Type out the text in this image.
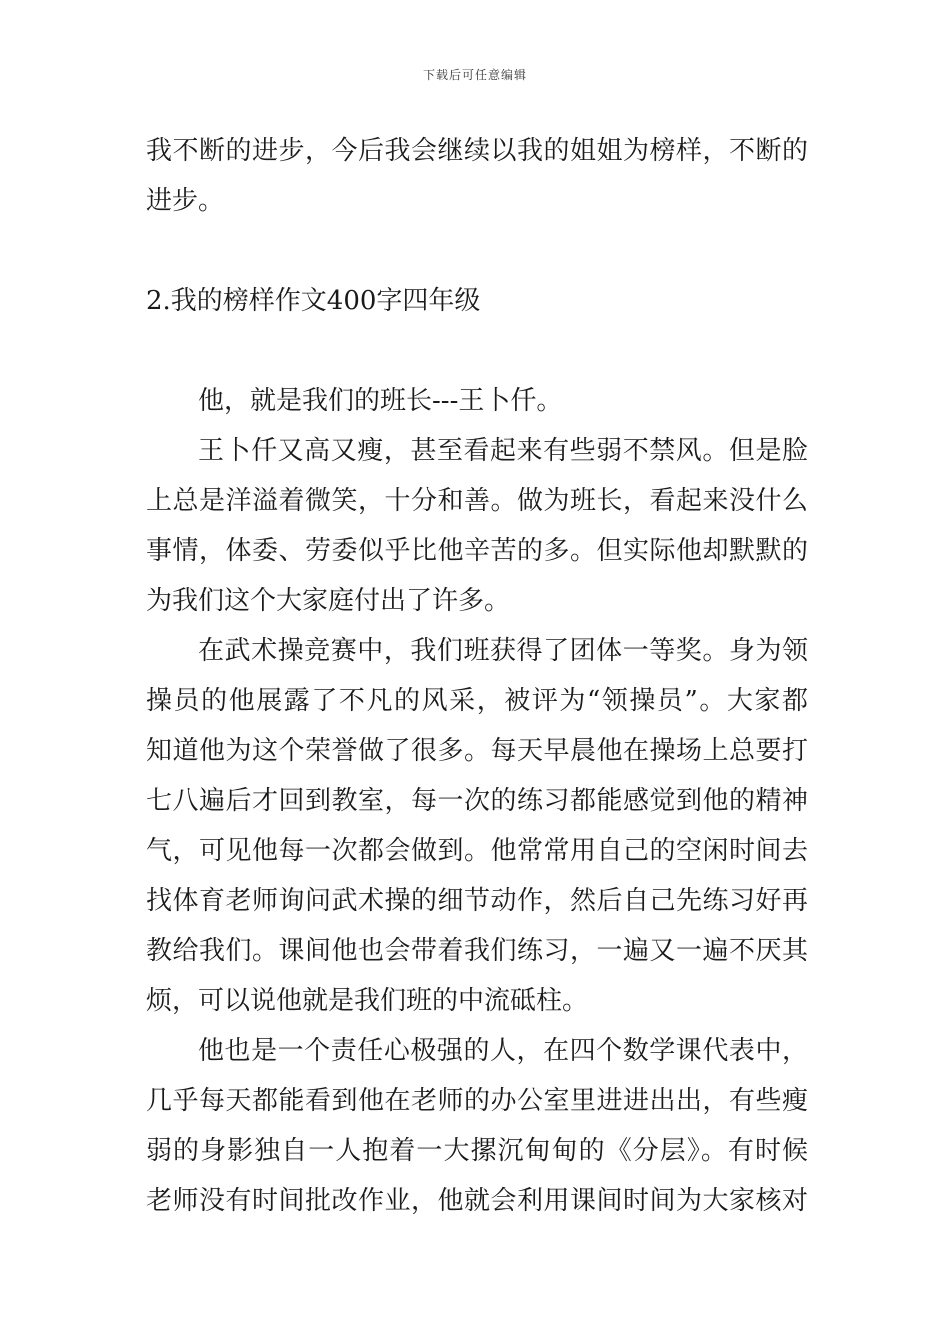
下载后可任意编辑
我不断的进步，今后我会继续以我的姐姐为榜样，不断的
进步。
2.我的榜样作文400字四年级
他，就是我们的班长---王卜仟。
王卜仟又高又瘦，甚至看起来有些弱不禁风。但是脸
上总是洋溢着微笑，十分和善。做为班长，看起来没什么
事情，体委、劳委似乎比他辛苦的多。但实际他却默默的
为我们这个大家庭付出了许多。
在武术操竞赛中，我们班获得了团体一等奖。身为领
操员的他展露了不凡的风采，被评为“领操员”。大家都
知道他为这个荣誉做了很多。每天早晨他在操场上总要打
七八遍后才回到教室，每一次的练习都能感觉到他的精神
气，可见他每一次都会做到。他常常用自己的空闲时间去
找体育老师询问武术操的细节动作，然后自己先练习好再
教给我们。课间他也会带着我们练习，一遍又一遍不厌其
烦，可以说他就是我们班的中流砥柱。
他也是一个责任心极强的人，在四个数学课代表中，
几乎每天都能看到他在老师的办公室里进进出出，有些瘦
弱的身影独自一人抱着一大摞沉甸甸的《分层》。有时候
老师没有时间批改作业，他就会利用课间时间为大家核对
